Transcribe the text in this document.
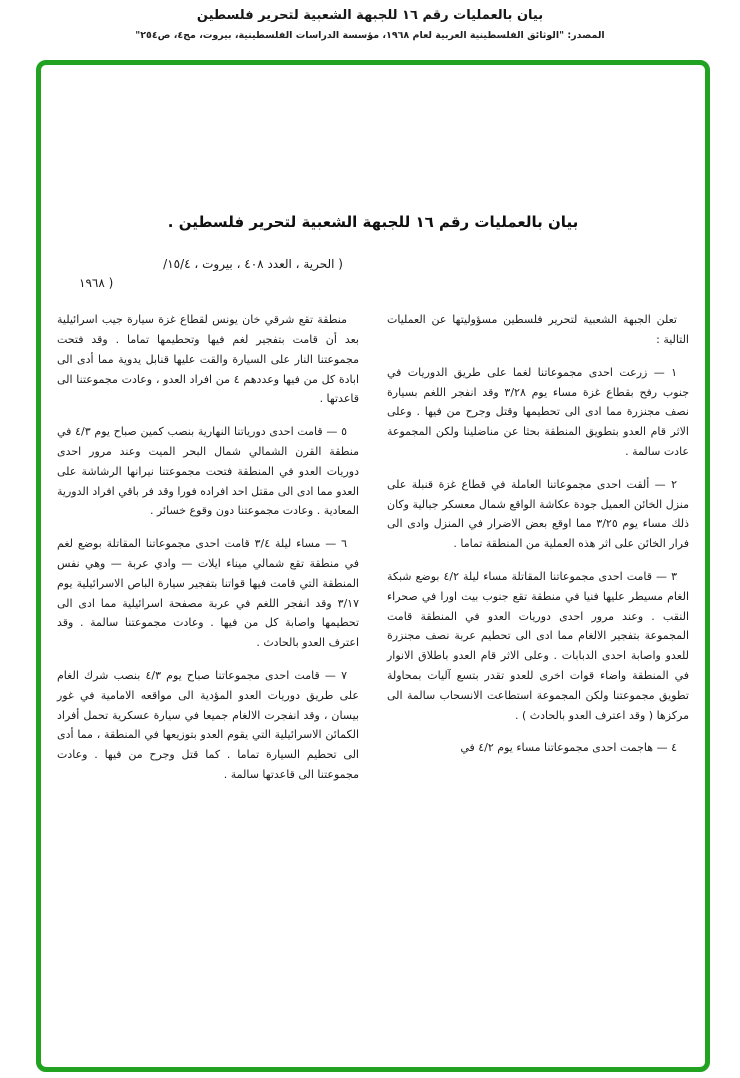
بيان بالعمليات رقم ١٦ للجبهة الشعبية لتحرير فلسطين
المصدر: "الوثائق الفلسطينية العربية لعام ١٩٦٨، مؤسسة الدراسات الفلسطينية، بيروت، مج٤، ص٢٥٤"
بيان بالعمليات رقم ١٦ للجبهة الشعبية لتحرير فلسطين .
( الحرية ، العدد ٤٠٨ ، بيروت ، ١٥/٤/
( ١٩٦٨

تعلن الجبهة الشعبية لتحرير فلسطين مسؤوليتها عن العمليات التالية :

١ — زرعت احدى مجموعاتنا لغما على طريق الدوريات في جنوب رفح بقطاع غزة مساء يوم ٣/٢٨ وقد انفجر اللغم بسيارة نصف مجنزرة مما ادى الى تحطيمها وقتل وجرح من فيها . وعلى الاثر قام العدو بتطويق المنطقة بحثا عن مناضلينا ولكن المجموعة عادت سالمة .

٢ — ألقت احدى مجموعاتنا العاملة في قطاع غزة قنبلة على منزل الخائن العميل جودة عكاشة الواقع شمال معسكر جبالية وكان ذلك مساء يوم ٣/٢٥ مما اوقع بعض الاضرار في المنزل وادى الى فرار الخائن على اثر هذه العملية من المنطقة تماما .

٣ — قامت احدى مجموعاتنا المقاتلة مساء ليلة ٤/٢ بوضع شبكة الغام مسيطر عليها فنيا في منطقة تقع جنوب بيت اورا في صحراء النقب . وعند مرور احدى دوريات العدو في المنطقة قامت المجموعة بتفجير الالغام مما ادى الى تحطيم عربة نصف مجنزرة للعدو واصابة احدى الدبابات . وعلى الاثر قام العدو باطلاق الانوار في المنطقة واضاء قوات اخرى للعدو تقدر بتسع آليات بمحاولة تطويق مجموعتنا ولكن المجموعة استطاعت الانسحاب سالمة الى مركزها ( وقد اعترف العدو بالحادث ) .

٤ — هاجمت احدى مجموعاتنا مساء يوم ٤/٢ في

منطقة تقع شرقي خان يونس لقطاع غزة سيارة جيب اسرائيلية بعد أن قامت بتفجير لغم فيها وتحطيمها تماما . وقد فتحت مجموعتنا النار على السيارة والقت عليها قنابل يدوية مما أدى الى ابادة كل من فيها وعددهم ٤ من افراد العدو ، وعادت مجموعتنا الى قاعدتها .

٥ — قامت احدى دورياتنا النهارية بنصب كمين صباح يوم ٤/٣ في منطقة القرن الشمالي شمال البحر الميت وعند مرور احدى دوريات العدو في المنطقة فتحت مجموعتنا نيرانها الرشاشة على العدو مما ادى الى مقتل احد افراده فورا وقد فر باقي افراد الدورية المعادية . وعادت مجموعتنا دون وقوع خسائر .

٦ — مساء ليلة ٣/٤ قامت احدى مجموعاتنا المقاتلة بوضع لغم في منطقة تقع شمالي ميناء ايلات — وادي عربة — وهي نفس المنطقة التي قامت فيها قواتنا بتفجير سيارة الباص الاسرائيلية يوم ٣/١٧ وقد انفجر اللغم في عربة مصفحة اسرائيلية مما ادى الى تحطيمها واصابة كل من فيها . وعادت مجموعتنا سالمة . وقد اعترف العدو بالحادث .

٧ — قامت احدى مجموعاتنا صباح يوم ٤/٣ بنصب شرك الغام على طريق دوريات العدو المؤدية الى مواقعه الامامية في غور بيسان ، وقد انفجرت الالغام جميعا في سيارة عسكرية تحمل أفراد الكمائن الاسرائيلية التي يقوم العدو بتوزيعها في المنطقة ، مما أدى الى تحطيم السيارة تماما . كما قتل وجرح من فيها . وعادت مجموعتنا الى قاعدتها سالمة .
